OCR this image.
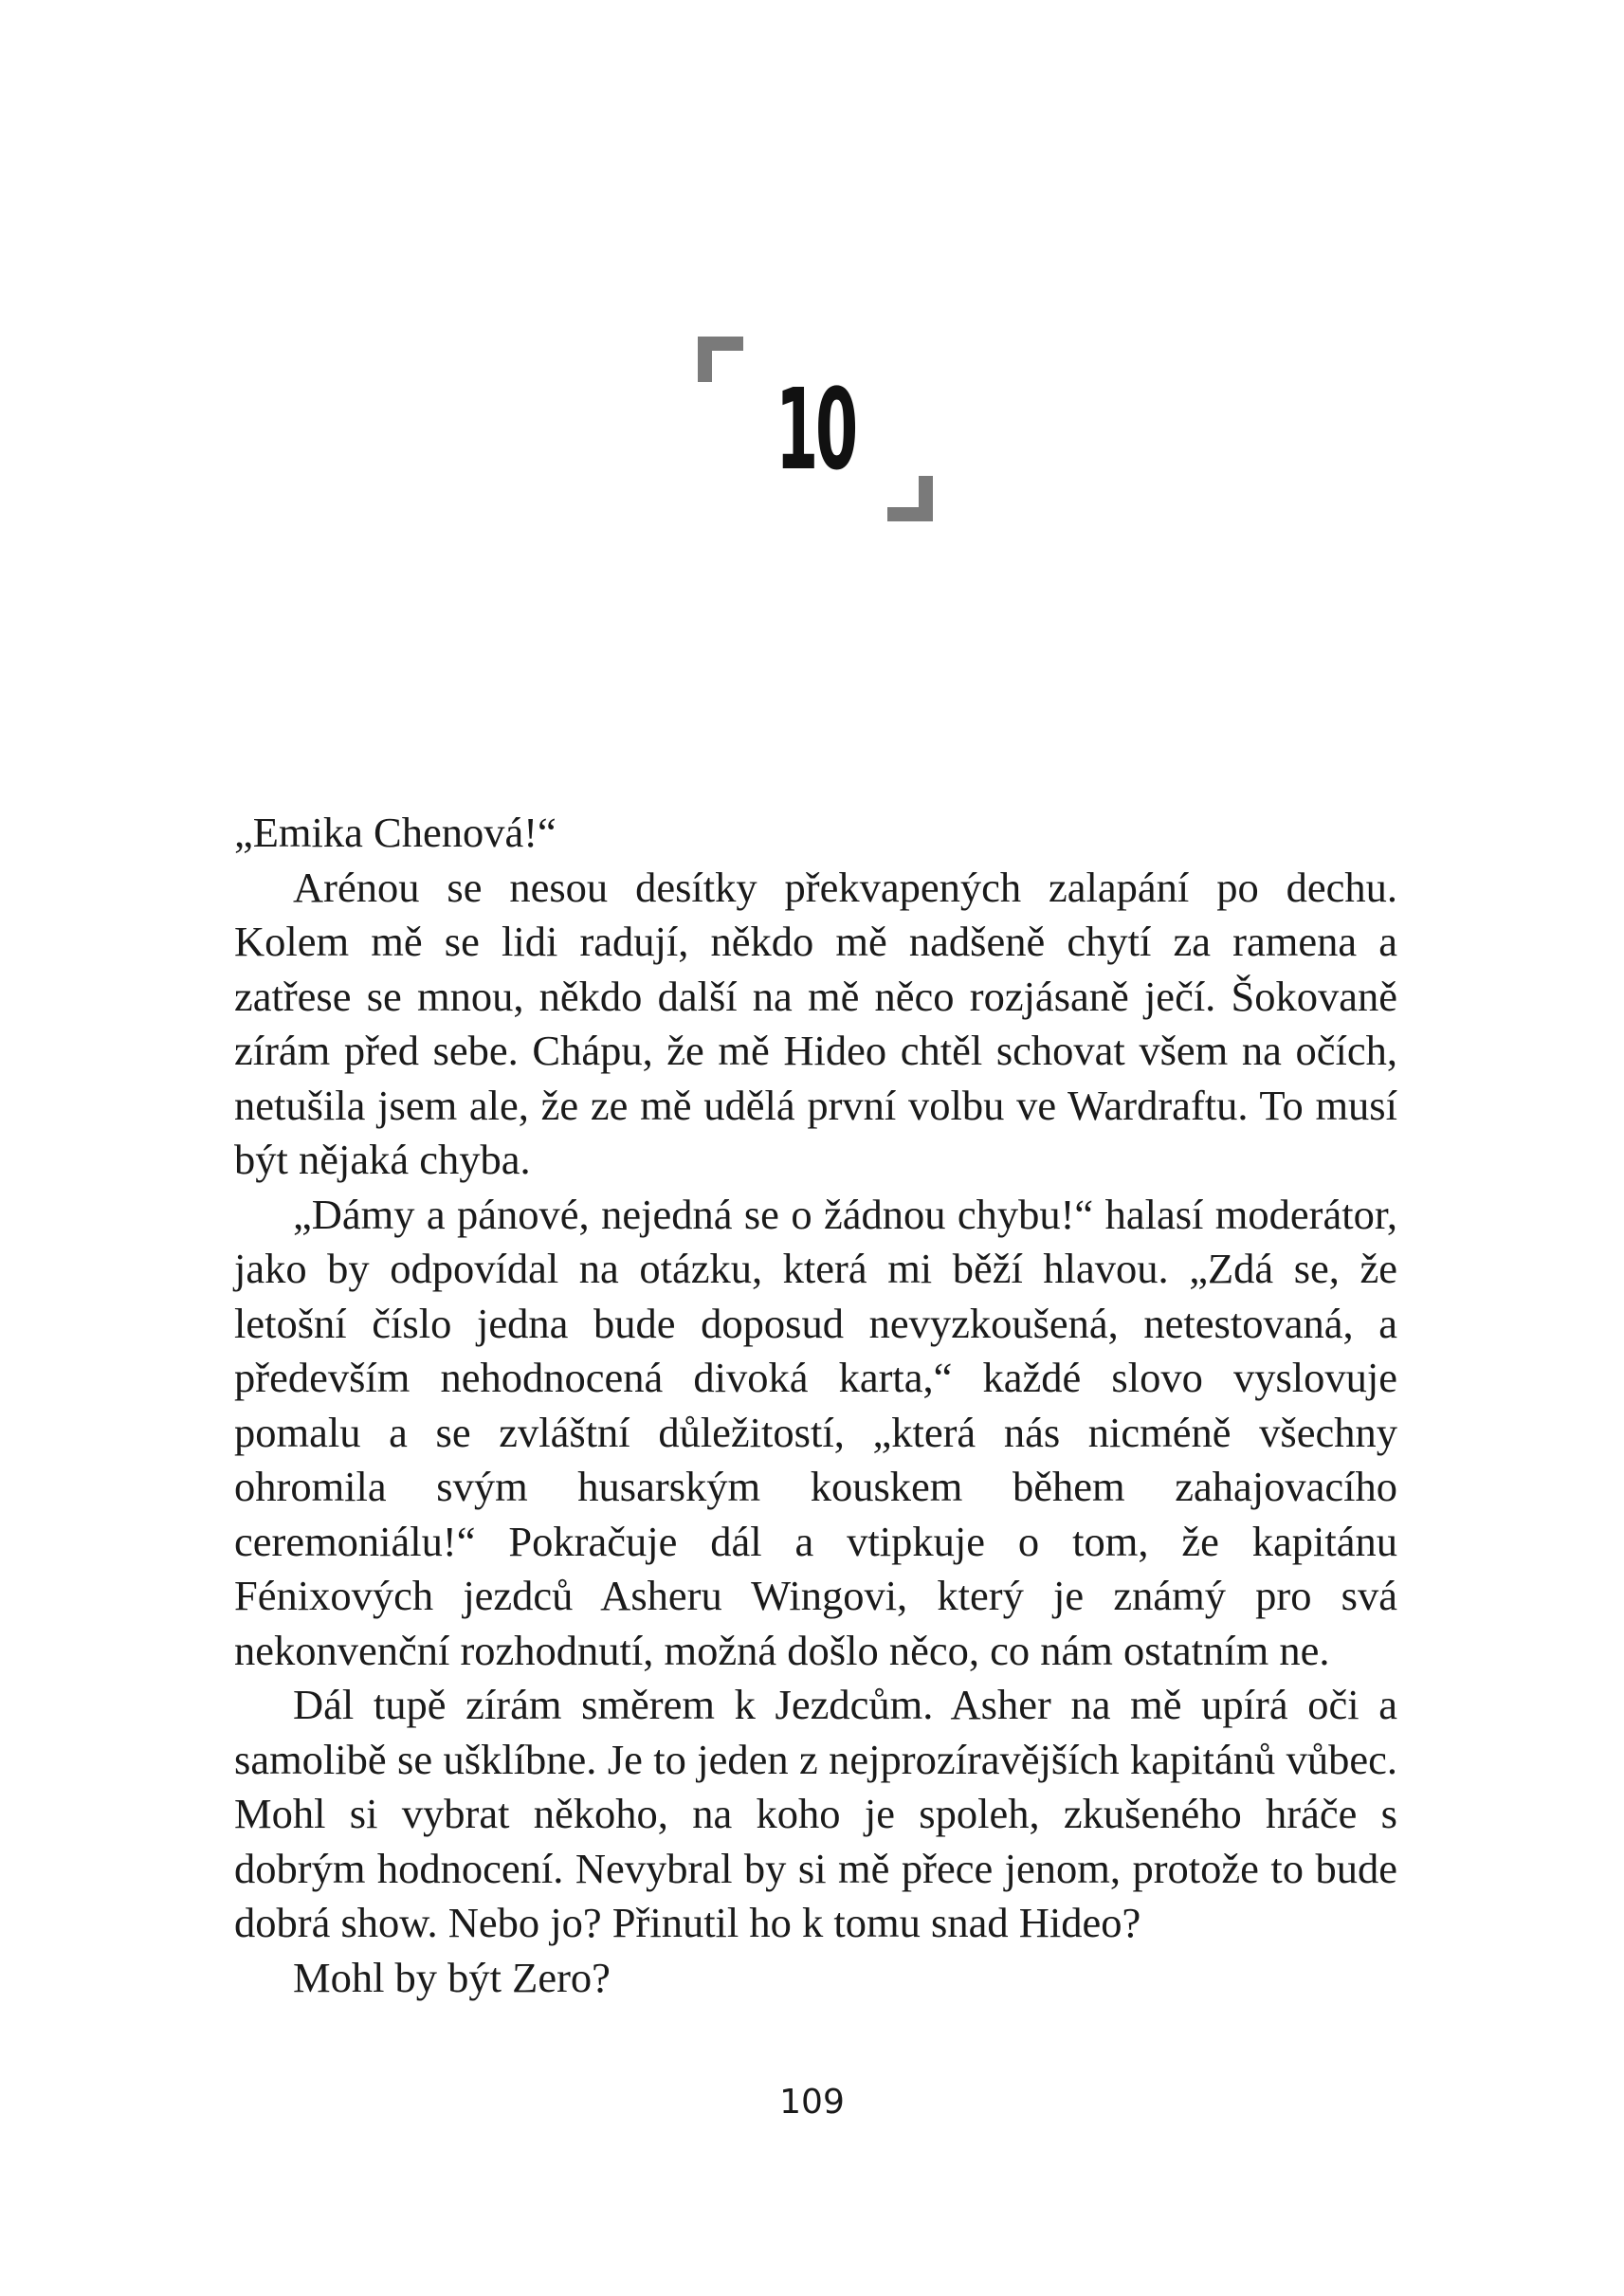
10

„Emika Chenová!“

Arénou se nesou desítky překvapených zalapání po dechu. Kolem mě se lidi radují, někdo mě nadšeně chytí za ramena a zatřese se mnou, někdo další na mě něco rozjásaně ječí. Šokovaně zírám před sebe. Chápu, že mě Hideo chtěl schovat všem na očích, netušila jsem ale, že ze mě udělá první volbu ve Wardraftu. To musí být nějaká chyba.

„Dámy a pánové, nejedná se o žádnou chybu!“ halasí moderátor, jako by odpovídal na otázku, která mi běží hlavou. „Zdá se, že letošní číslo jedna bude doposud nevyzkoušená, netestovaná, a především nehodnocená divoká karta,“ každé slovo vyslovuje pomalu a se zvláštní důležitostí, „která nás nicméně všechny ohromila svým husarským kouskem během zahajovacího ceremoniálu!“ Pokračuje dál a vtipkuje o tom, že kapitánu Fénixových jezdců Asheru Wingovi, který je známý pro svá nekonvenční rozhodnutí, možná došlo něco, co nám ostatním ne.

Dál tupě zírám směrem k Jezdcům. Asher na mě upírá oči a samolibě se ušklíbne. Je to jeden z nejprozíravějších kapitánů vůbec. Mohl si vybrat někoho, na koho je spoleh, zkušeného hráče s dobrým hodnocení. Nevybral by si mě přece jenom, protože to bude dobrá show. Nebo jo? Přinutil ho k tomu snad Hideo?

Mohl by být Zero?

109
